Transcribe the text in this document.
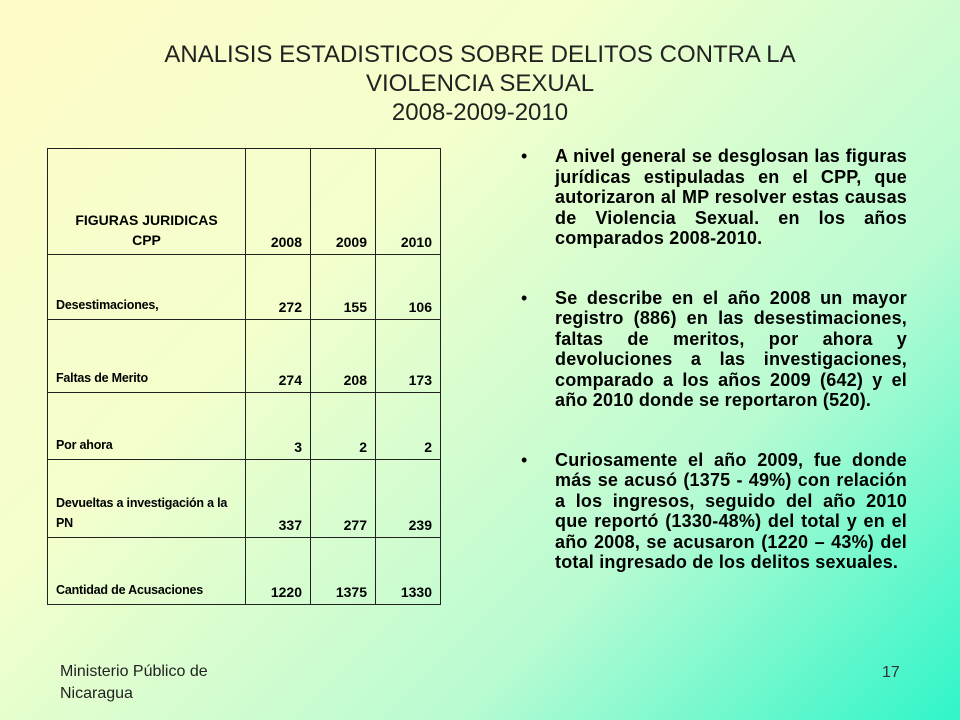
ANALISIS ESTADISTICOS SOBRE DELITOS CONTRA LA
VIOLENCIA SEXUAL
2008-2009-2010
FIGURAS JURIDICAS
CPP	2008	2009	2010
Desestimaciones,	272	155	106
Faltas de Merito	274	208	173
Por ahora	3	2	2
Devueltas a investigación a la PN	337	277	239
Cantidad de Acusaciones	1220	1375	1330
• A nivel general se desglosan las figuras jurídicas estipuladas en el CPP, que autorizaron al MP resolver estas causas de Violencia Sexual. en los años comparados 2008-2010.
• Se describe en el año 2008 un mayor registro (886) en las desestimaciones, faltas de meritos, por ahora y devoluciones a las investigaciones, comparado a los años 2009 (642) y el año 2010 donde se reportaron (520).
• Curiosamente el año 2009, fue donde más se acusó (1375 - 49%) con relación a los ingresos, seguido del año 2010 que reportó (1330-48%) del total y en el año 2008, se acusaron (1220 – 43%) del total ingresado de los delitos sexuales.
Ministerio Público de
Nicaragua
17
